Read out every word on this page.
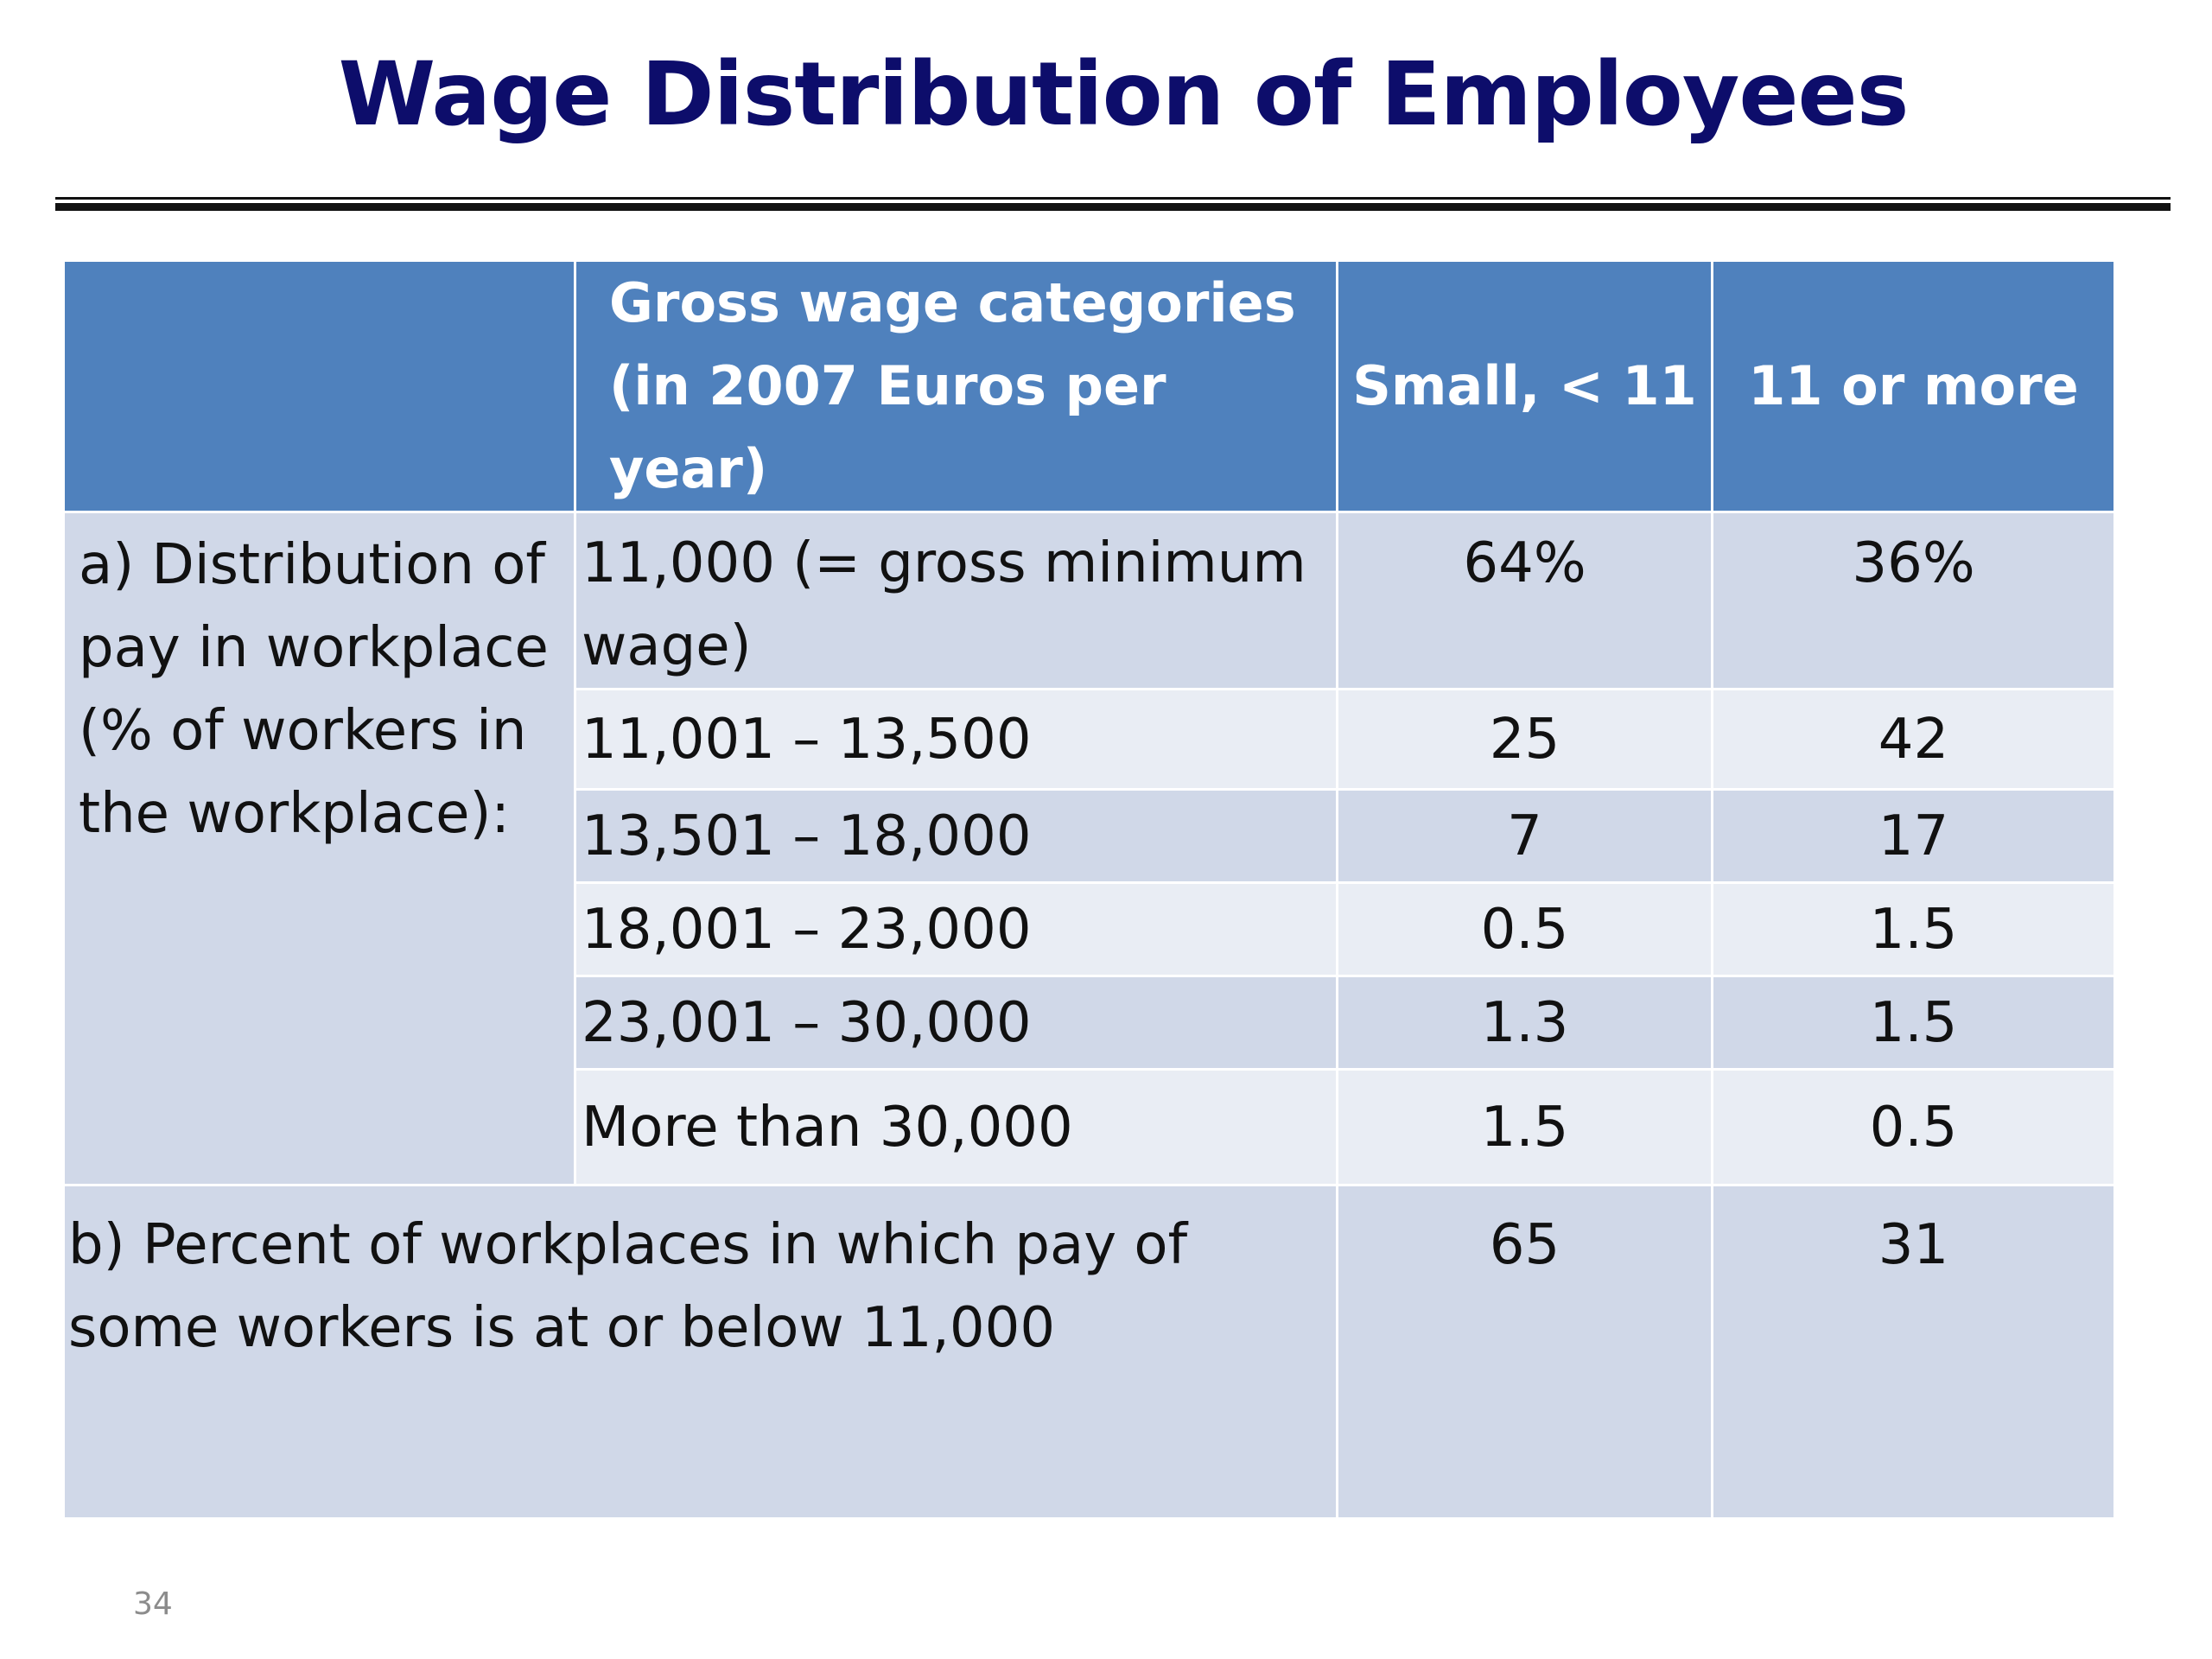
Wage Distribution of Employees
	Gross wage categories (in 2007 Euros per year)	Small, < 11	11 or more
a) Distribution of pay in workplace (% of workers in the workplace):	11,000 (= gross minimum wage)	64%	36%
	11,001 – 13,500	25	42
	13,501 – 18,000	7	17
	18,001 – 23,000	0.5	1.5
	23,001 – 30,000	1.3	1.5
	More than 30,000	1.5	0.5
b) Percent of workplaces in which pay of some workers is at or below 11,000		65	31
34
